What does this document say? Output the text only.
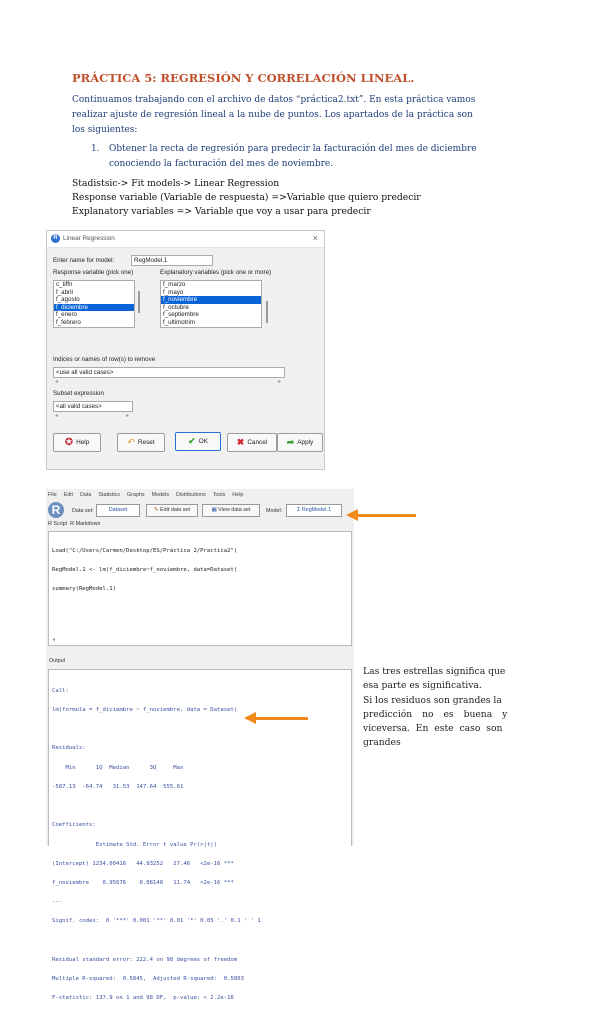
PRÁCTICA 5: REGRESIÓN Y CORRELACIÓN LINEAL.
Continuamos trabajando con el archivo de datos “práctica2.txt”. En esta práctica vamos
realizar ajuste de regresión lineal a la nube de puntos. Los apartados de la práctica son
los siguientes:
1. Obtener la recta de regresión para predecir la facturación del mes de diciembre
conociendo la facturación del mes de noviembre.
Stadistsic-> Fit models-> Linear Regression
Response variable (Variable de respuesta) =>Variable que quiero predecir
Explanatory variables => Variable que voy a usar para predecir
R Linear Regression	×
Enter name for model:	RegModel.1
Response variable (pick one)	Explanatory variables (pick one or more)
c_tiffn
f_abril
f_agosto
f_diciembre
f_enero
f_febrero
f_marzo
f_mayo
f_noviembre
f_octubre
f_septiembre
f_ultimotrim
Indices or names of row(s) to remove
<use all valid cases>
◂	▸
Subset expression
<all valid cases>
◂	▸
✪ Help	↶ Reset	✔ OK	✖ Cancel ➦ Apply
File Edit Data Statistics Graphs Models Distributions Tools Help
R	Data set:	Dataset	✎ Edit data set	▦ View data set	Model:	Σ RegModel.1
R Script R Markdown

Load("C:/Users/Carmen/Desktop/ES/Práctica 2/Practica2")

RegModel.1 <- lm(f_diciembre~f_noviembre, data=Dataset)

summary(RegModel.1)

◂
Output

Call:

lm(formula = f_diciembre ~ f_noviembre, data = Dataset)

Residuals:

Min      1Q  Median      3Q     Max

-587.13  -64.74   31.53  147.64  555.61

Coefficients:

Estimate Std. Error t value Pr(>|t|)

(Intercept) 1234.00416   44.93252   27.46   <2e-16 ***

f_noviembre    0.95676    0.08148   11.74   <2e-16 ***

---

Signif. codes:  0 '***' 0.001 '**' 0.01 '*' 0.05 '.' 0.1 ' ' 1

Residual standard error: 222.4 on 98 degrees of freedom

Multiple R-squared:  0.5845,  Adjusted R-squared:  0.5803

F-statistic: 137.9 on 1 and 98 DF,  p-value: < 2.2e-16

Las tres estrellas significa que
esa parte es significativa.
Si los residuos son grandes la
predicción no es buena y
viceversa. En este caso son
grandes
